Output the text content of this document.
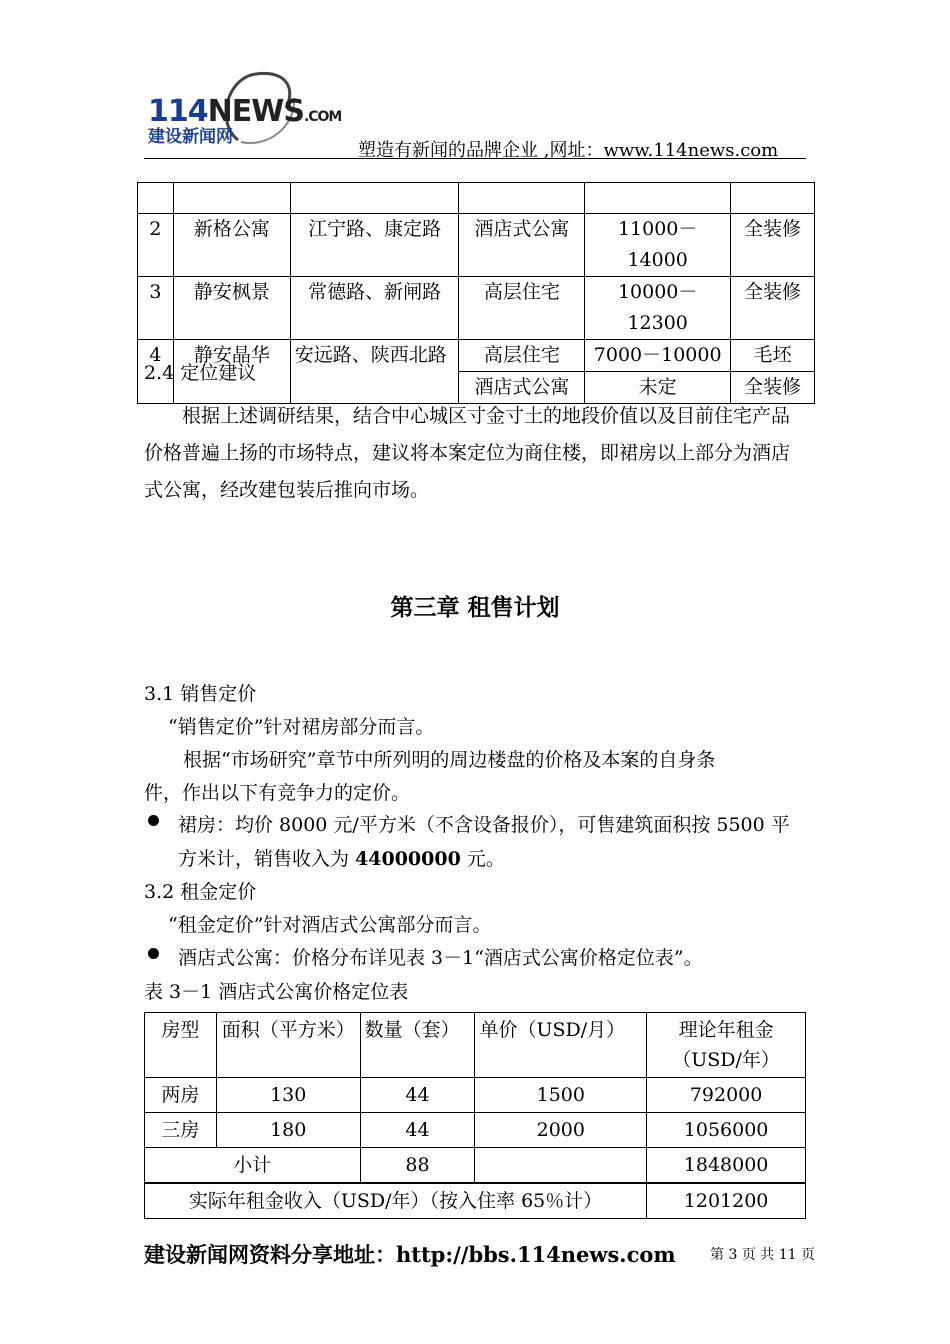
114NEWS.COM
建设新闻网
塑造有新闻的品牌企业 ,网址：www.114news.com

2	新格公寓	江宁路、康定路	酒店式公寓	11000－14000	全装修
3	静安枫景	常德路、新闸路	高层住宅	10000－12300	全装修
4	静安晶华	安远路、陕西北路	高层住宅	7000－10000	毛坯
			酒店式公寓	未定	全装修
2.4 定位建议
根据上述调研结果，结合中心城区寸金寸土的地段价值以及目前住宅产品价格普遍上扬的市场特点，建议将本案定位为商住楼，即裙房以上部分为酒店式公寓，经改建包装后推向市场。
第三章 租售计划
3.1 销售定价
“销售定价”针对裙房部分而言。
根据“市场研究”章节中所列明的周边楼盘的价格及本案的自身条
件，作出以下有竞争力的定价。
裙房：均价 8000 元/平方米（不含设备报价），可售建筑面积按 5500 平
方米计，销售收入为 44000000 元。
3.2 租金定价
“租金定价”针对酒店式公寓部分而言。
酒店式公寓：价格分布详见表 3－1“酒店式公寓价格定位表”。
表 3－1 酒店式公寓价格定位表
房型	面积（平方米）	数量（套）	单价（USD/月）	理论年租金（USD/年）
两房	130	44	1500	792000
三房	180	44	2000	1056000
小计		88		1848000
实际年租金收入（USD/年）（按入住率 65％计）				1201200
建设新闻网资料分享地址：http://bbs.114news.com 第 3 页 共 11 页
